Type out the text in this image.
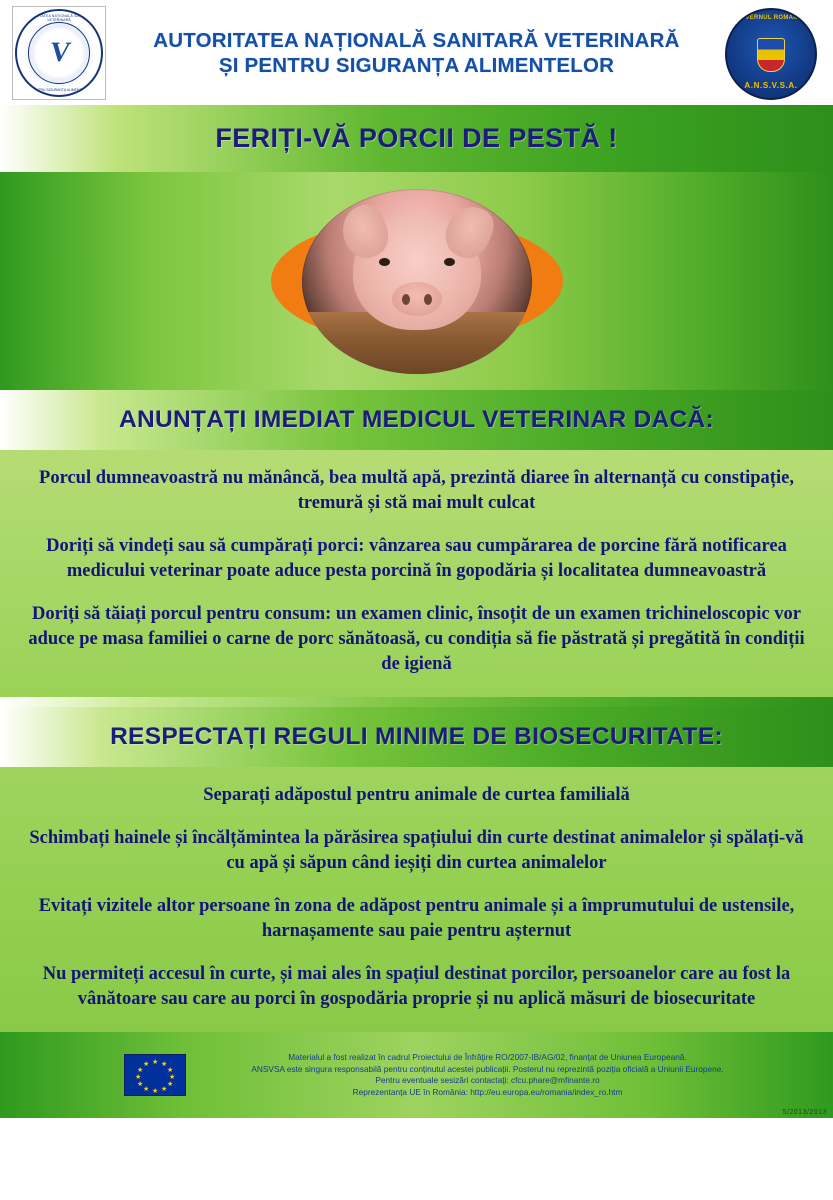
AUTORITATEA NAȚIONALĂ SANITARĂ VETERINARĂ
V
ȘI PENTRU SIGURANȚA ALIMENTELOR
AUTORITATEA NAȚIONALĂ SANITARĂ VETERINARĂ
ȘI PENTRU SIGURANȚA ALIMENTELOR
GUVERNUL ROMÂNIEI
A.N.S.V.S.A.
FERIȚI-VĂ PORCII DE PESTĂ !
ANUNȚAȚI IMEDIAT MEDICUL VETERINAR DACĂ:

Porcul dumneavoastră nu mănâncă, bea multă apă, prezintă diaree în alternanță cu constipație, tremură și stă mai mult culcat

Doriți să vindeți sau să cumpărați porci: vânzarea sau cumpărarea de porcine fără notificarea medicului veterinar poate aduce pesta porcină în gopodăria și localitatea dumneavoastră

Doriți să tăiați porcul pentru consum: un examen clinic, însoțit de un examen trichineloscopic vor aduce pe masa familiei o carne de porc sănătoasă, cu condiția să fie păstrată și pregătită în condiții de igienă

RESPECTAȚI REGULI MINIME DE BIOSECURITATE:

Separați adăpostul pentru animale de curtea familială

Schimbați hainele și încălțămintea la părăsirea spațiului din curte destinat animalelor și spălați-vă cu apă și săpun când ieșiți din curtea animalelor

Evitați vizitele altor persoane în zona de adăpost pentru animale și a împrumutului de ustensile, harnașamente sau paie pentru așternut

Nu permiteți accesul în curte, și mai ales în spațiul destinat porcilor, persoanelor care au fost la vânătoare sau care au porci în gospodăria proprie și nu aplică măsuri de biosecuritate

★ ★
★
★
★
★
★
★
★
★
★
★
Materialul a fost realizat în cadrul Proiectului de Înfrăţire RO/2007-IB/AG/02, finanțat de Uniunea Europeană.
ANSVSA este singura responsabilă pentru conținutul acestei publicații. Posterul nu reprezintă poziția oficială a Uniunii Europene.
Pentru eventuale sesizări contactaţi: cfcu.phare@mfinante.ro
Reprezentanța UE în România: http://eu.europa.eu/romania/index_ro.htm
5/2013/2013
